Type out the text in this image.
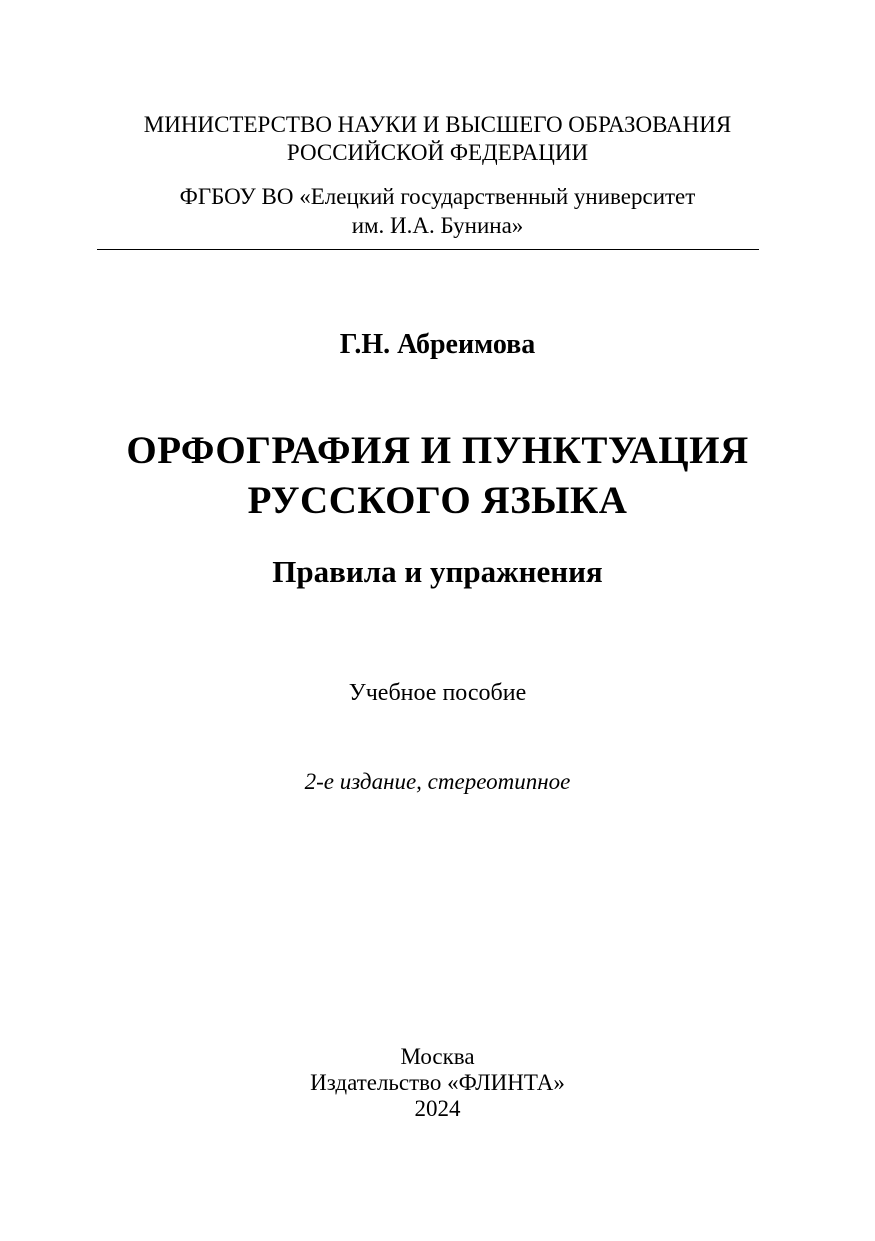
МИНИСТЕРСТВО НАУКИ И ВЫСШЕГО ОБРАЗОВАНИЯ
РОССИЙСКОЙ ФЕДЕРАЦИИ
ФГБОУ ВО «Елецкий государственный университет
им. И.А. Бунина»
Г.Н. Абреимова
ОРФОГРАФИЯ И ПУНКТУАЦИЯ
РУССКОГО ЯЗЫКА
Правила и упражнения
Учебное пособие
2-е издание, стереотипное
Москва
Издательство «ФЛИНТА»
2024
